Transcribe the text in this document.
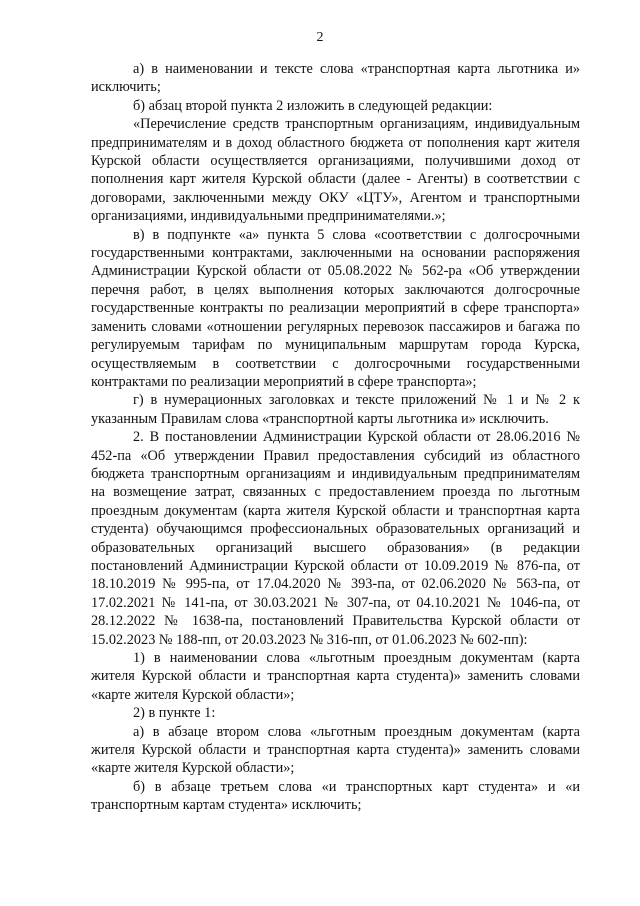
2

а) в наименовании и тексте слова «транспортная карта льготника и» исключить;

б) абзац второй пункта 2 изложить в следующей редакции:

«Перечисление средств транспортным организациям, индивидуальным предпринимателям и в доход областного бюджета от пополнения карт жителя Курской области осуществляется организациями, получившими доход от пополнения карт жителя Курской области (далее - Агенты) в соответствии с договорами, заключенными между ОКУ «ЦТУ», Агентом и транспортными организациями, индивидуальными предпринимателями.»;

в) в подпункте «а» пункта 5 слова «соответствии с долгосрочными государственными контрактами, заключенными на основании распоряжения Администрации Курской области от 05.08.2022 № 562-ра «Об утверждении перечня работ, в целях выполнения которых заключаются долгосрочные государственные контракты по реализации мероприятий в сфере транспорта» заменить словами «отношении регулярных перевозок пассажиров и багажа по регулируемым тарифам по муниципальным маршрутам города Курска, осуществляемым в соответствии с долгосрочными государственными контрактами по реализации мероприятий в сфере транспорта»;

г) в нумерационных заголовках и тексте приложений № 1 и № 2 к указанным Правилам слова «транспортной карты льготника и» исключить.

2. В постановлении Администрации Курской области от 28.06.2016 № 452-па «Об утверждении Правил предоставления субсидий из областного бюджета транспортным организациям и индивидуальным предпринимателям на возмещение затрат, связанных с предоставлением проезда по льготным проездным документам (карта жителя Курской области и транспортная карта студента) обучающимся профессиональных образовательных организаций и образовательных организаций высшего образования» (в редакции постановлений Администрации Курской области от 10.09.2019 № 876-па, от 18.10.2019 № 995-па, от 17.04.2020 № 393-па, от 02.06.2020 № 563-па, от 17.02.2021 № 141-па, от 30.03.2021 № 307-па, от 04.10.2021 № 1046-па, от 28.12.2022 № 1638-па, постановлений Правительства Курской области от 15.02.2023 № 188-пп, от 20.03.2023 № 316-пп, от 01.06.2023 № 602-пп):

1) в наименовании слова «льготным проездным документам (карта жителя Курской области и транспортная карта студента)» заменить словами «карте жителя Курской области»;

2) в пункте 1:

а) в абзаце втором слова «льготным проездным документам (карта жителя Курской области и транспортная карта студента)» заменить словами «карте жителя Курской области»;

б) в абзаце третьем слова «и транспортных карт студента» и «и транспортным картам студента» исключить;
